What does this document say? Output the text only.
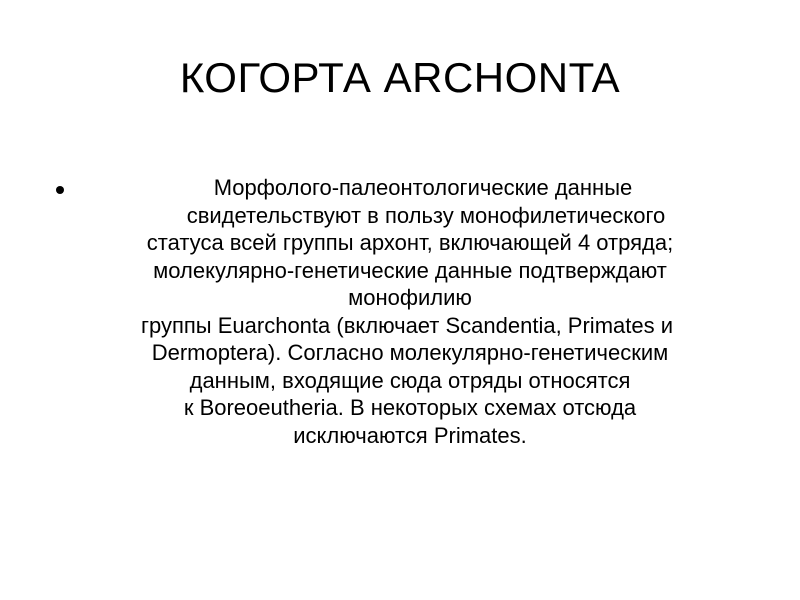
КОГОРТА ARCHONTA
Морфолого-палеонтологические данные
свидетельствуют в пользу монофилетического
статуса всей группы архонт, включающей 4 отряда;
молекулярно-генетические данные подтверждают
монофилию
группы Euarchonta (включает Scandentia, Primates и
Dermoptera). Согласно молекулярно-генетическим
данным, входящие сюда отряды относятся
к Boreoeutheria. В некоторых схемах отсюда
исключаются Primates.
